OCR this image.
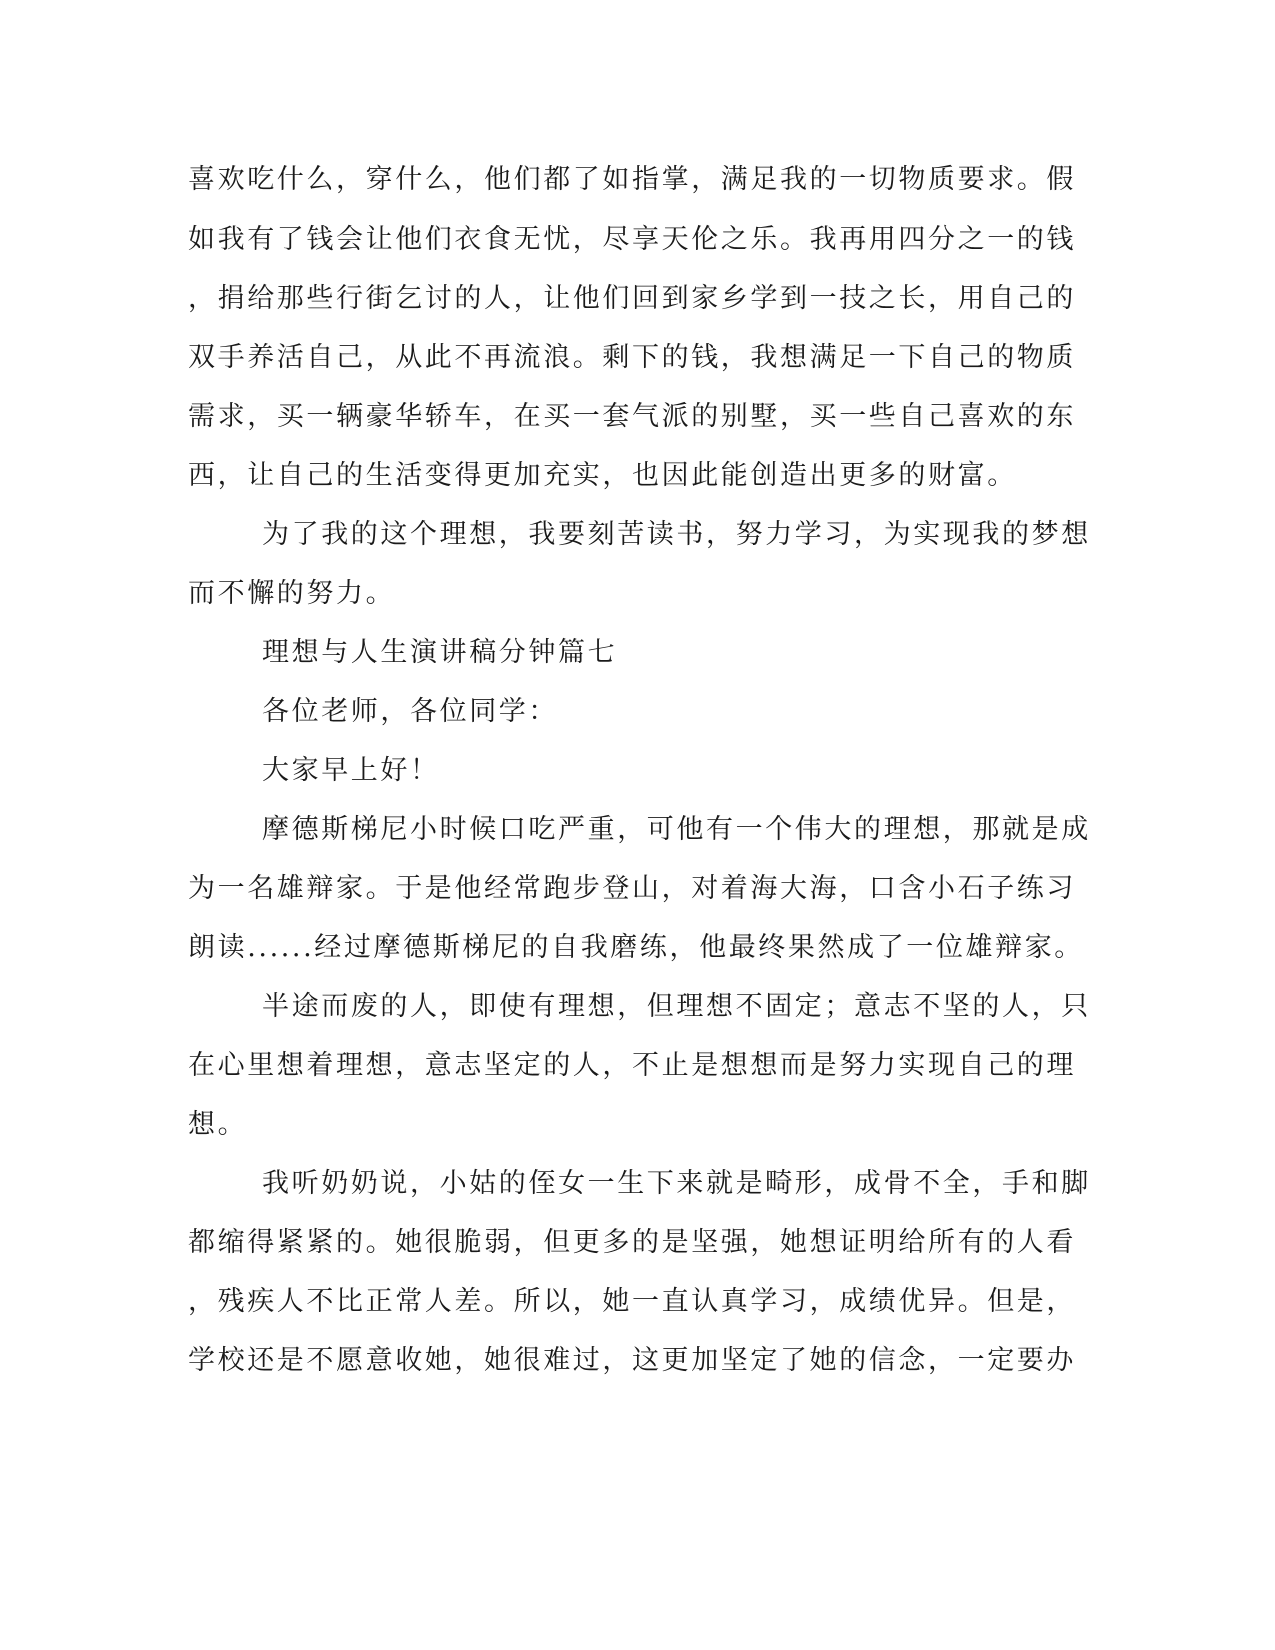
喜欢吃什么，穿什么，他们都了如指掌，满足我的一切物质要求。假
如我有了钱会让他们衣食无忧，尽享天伦之乐。我再用四分之一的钱
，捐给那些行街乞讨的人，让他们回到家乡学到一技之长，用自己的
双手养活自己，从此不再流浪。剩下的钱，我想满足一下自己的物质
需求，买一辆豪华轿车，在买一套气派的别墅，买一些自己喜欢的东
西，让自己的生活变得更加充实，也因此能创造出更多的财富。
为了我的这个理想，我要刻苦读书，努力学习，为实现我的梦想
而不懈的努力。
理想与人生演讲稿分钟篇七
各位老师，各位同学：
大家早上好！
摩德斯梯尼小时候口吃严重，可他有一个伟大的理想，那就是成
为一名雄辩家。于是他经常跑步登山，对着海大海，口含小石子练习
朗读......经过摩德斯梯尼的自我磨练，他最终果然成了一位雄辩家。
半途而废的人，即使有理想，但理想不固定；意志不坚的人，只
在心里想着理想，意志坚定的人，不止是想想而是努力实现自己的理
想。
我听奶奶说，小姑的侄女一生下来就是畸形，成骨不全，手和脚
都缩得紧紧的。她很脆弱，但更多的是坚强，她想证明给所有的人看
，残疾人不比正常人差。所以，她一直认真学习，成绩优异。但是，
学校还是不愿意收她，她很难过，这更加坚定了她的信念，一定要办
